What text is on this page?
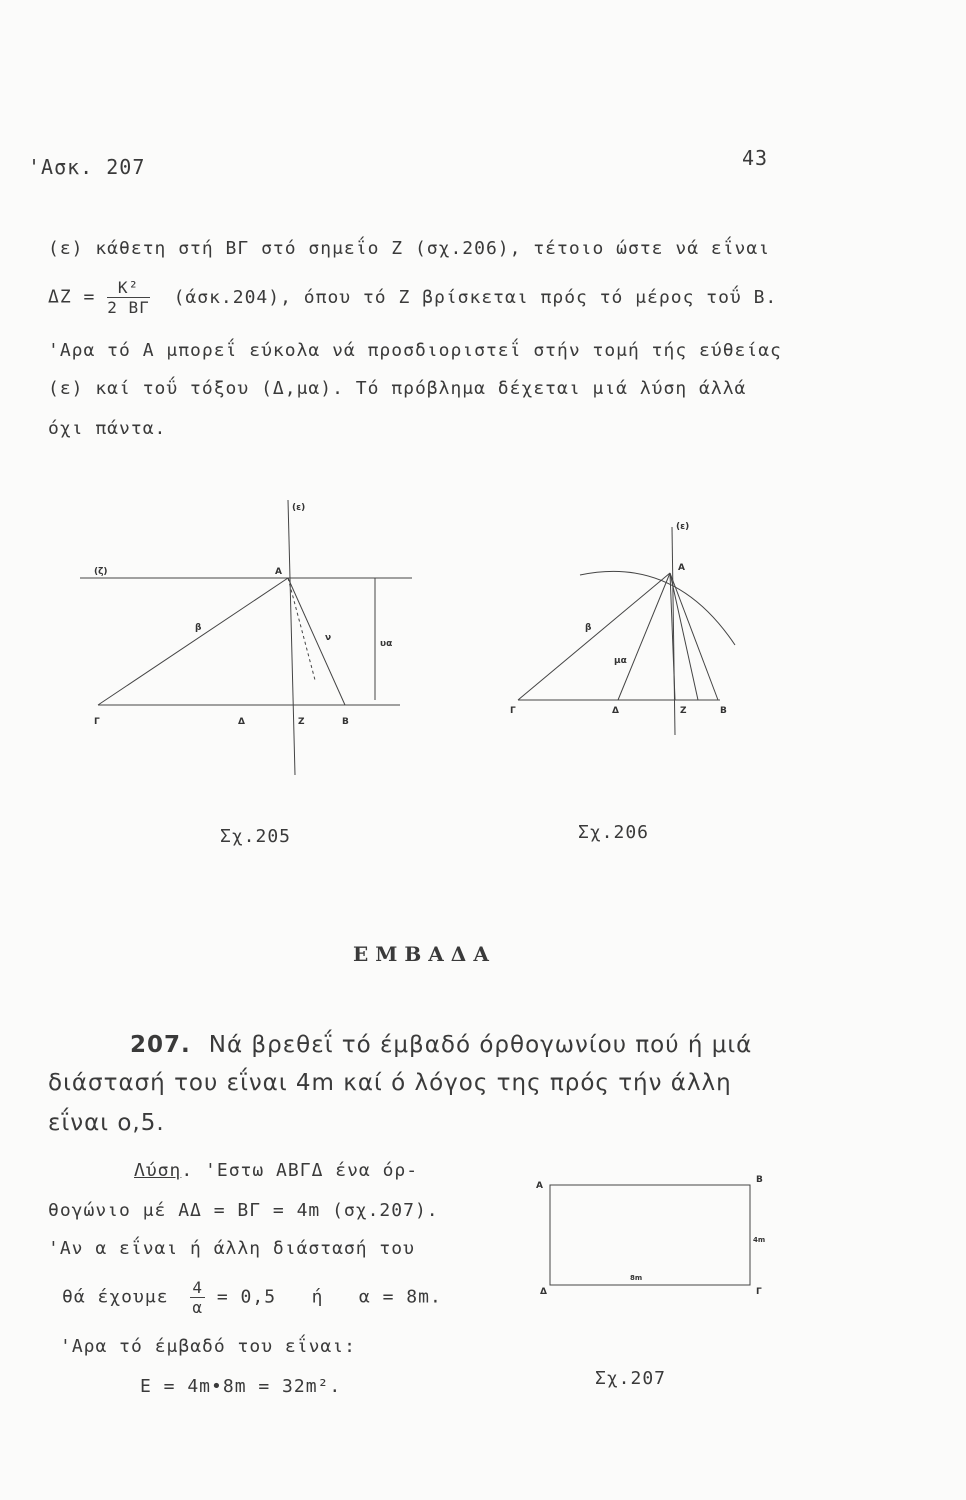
'Ασκ. 207	43
(ε) κάθετη στή ΒΓ στό σημεΐο Ζ (σχ.206), τέτοιο ώστε νά εΐναι
$\Delta Z = \frac{\text{K²}}{2 B\Gamma} (ά\sigma\kappa.204)$, όπου τό Ζ βρίσκεται πρός τό μέρος τοΰ Β.
'Αρα τό Α μπορεΐ εύκολα νά προσδιοριστεΐ στήν τομή τής εύθείας
(ε) καί τοΰ τόξου (Δ,μα). Τό πρόβλημα δέχεται μιά λύση άλλά
όχι πάντα.
(ε)
(ζ)	Α
β
ν
υα
Γ	Δ	Ζ	Β
Σχ.205
(ε)
Α
β
μα
Γ	Δ	Ζ	Β
Σχ.206
ΕΜΒΑΔΑ
207. Νά βρεθεΐ τό έμβαδό όρθογωνίου πού ή μιά
διάστασή του εΐναι 4m καί ό λόγος της πρός τήν άλλη
εΐναι ο,5.
Λύση. 'Εστω ΑΒΓΔ ένα όρ-
θογώνιο μέ ΑΔ = ΒΓ = 4m (σχ.207).
'Αν α εΐναι ή άλλη διάστασή του
θά έχουμε $\frac{4}{\alpha} = 0,5$   ή   α = 8m.
'Αρα τό έμβαδό του εΐναι:
Ε = 4m•8m = 32m².
Α
Β
Δ	Γ
4m
8m
Σχ.207
